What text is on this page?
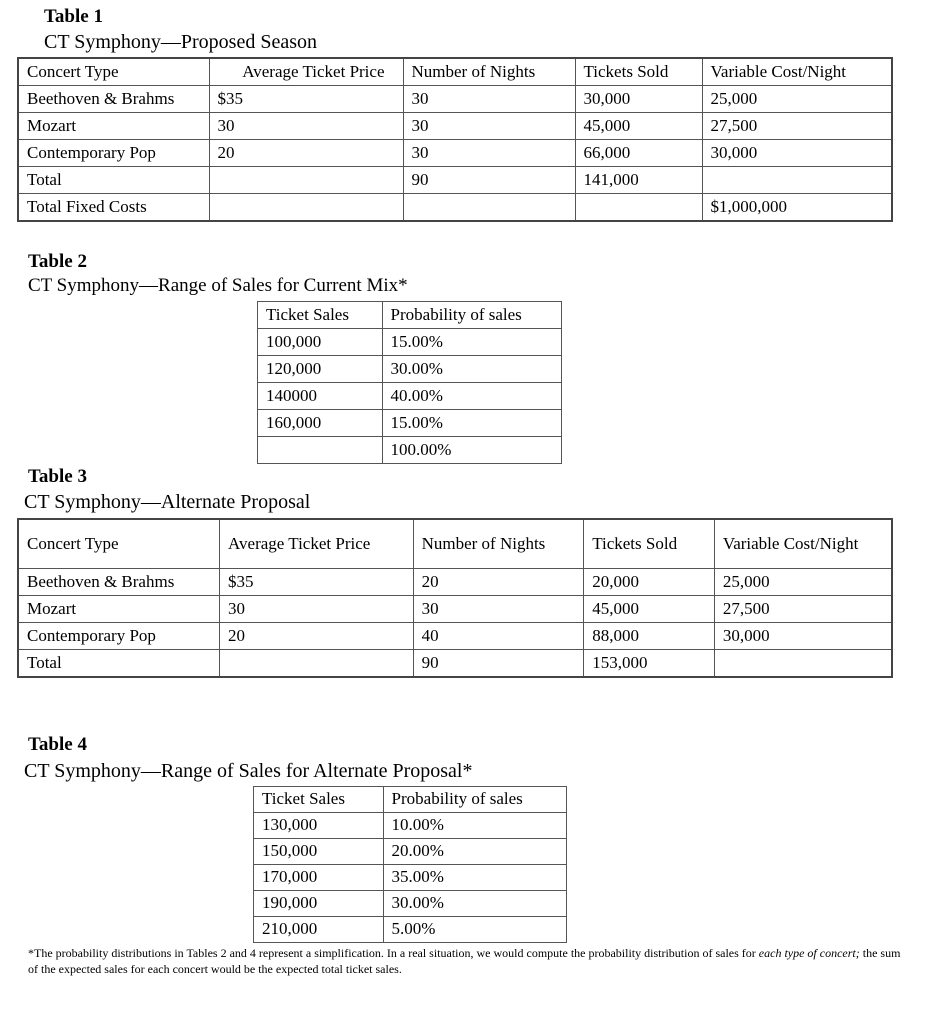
Table 1
CT Symphony—Proposed Season
Concert Type	Average Ticket Price	Number of Nights	Tickets Sold	Variable Cost/Night
Beethoven & Brahms	$35	30	30,000	25,000
Mozart	30	30	45,000	27,500
Contemporary Pop	20	30	66,000	30,000
Total		90	141,000	
Total Fixed Costs				$1,000,000
Table 2
CT Symphony—Range of Sales for Current Mix*
Ticket Sales	Probability of sales
100,000	15.00%
120,000	30.00%
140000	40.00%
160,000	15.00%
	100.00%
Table 3
CT Symphony—Alternate Proposal
Concert Type	Average Ticket Price	Number of Nights	Tickets Sold	Variable Cost/Night
Beethoven & Brahms	$35	20	20,000	25,000
Mozart	30	30	45,000	27,500
Contemporary Pop	20	40	88,000	30,000
Total		90	153,000	
Table 4
CT Symphony—Range of Sales for Alternate Proposal*
Ticket Sales	Probability of sales
130,000	10.00%
150,000	20.00%
170,000	35.00%
190,000	30.00%
210,000	5.00%
*The probability distributions in Tables 2 and 4 represent a simplification. In a real situation, we would compute the probability distribution of sales for each type of concert; the sum of the expected sales for each concert would be the expected total ticket sales.
